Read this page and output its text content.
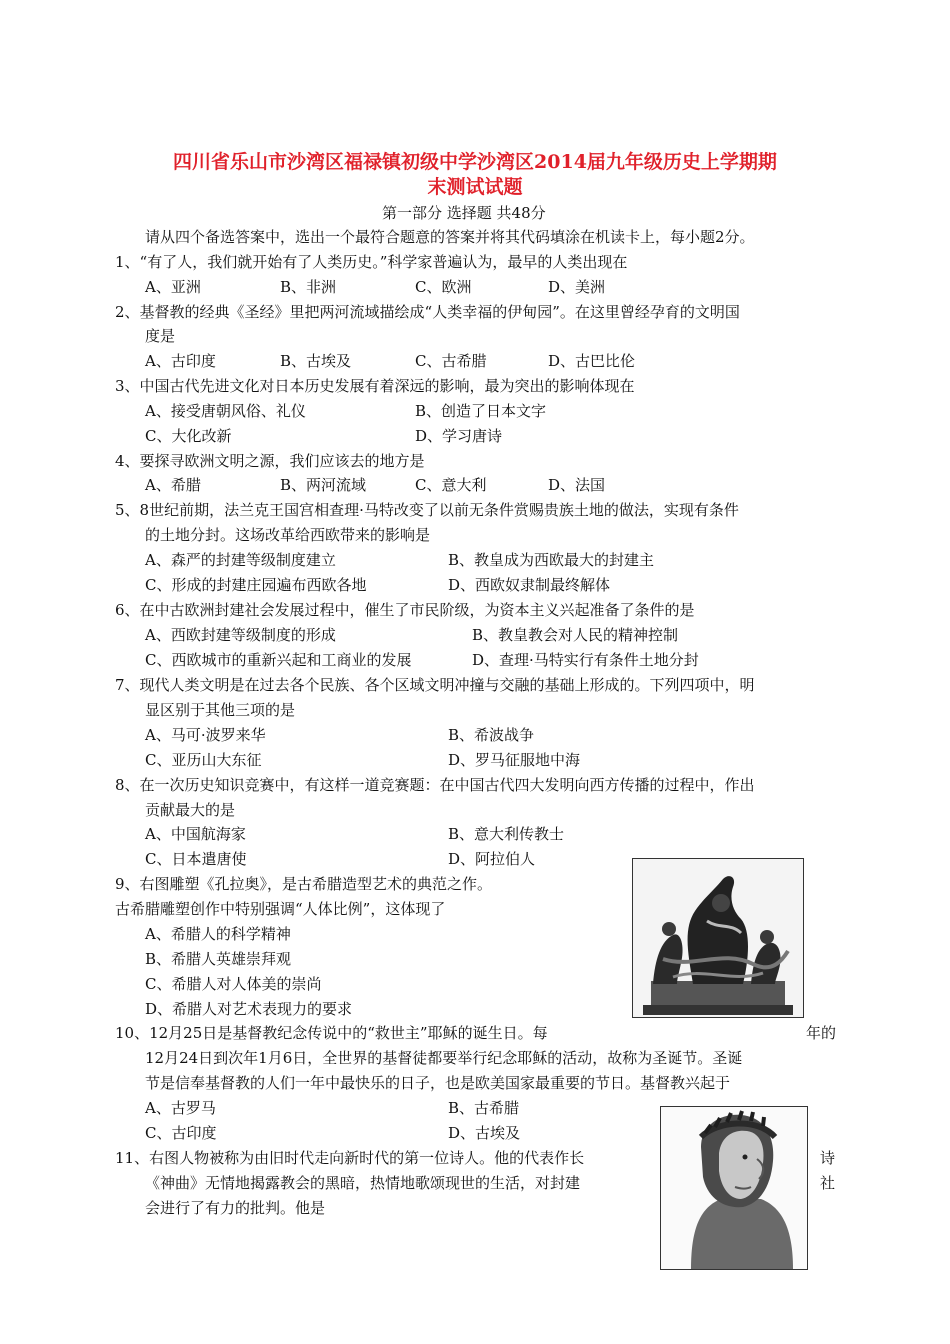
四川省乐山市沙湾区福禄镇初级中学沙湾区2014届九年级历史上学期期
末测试试题
第一部分 选择题 共48分
请从四个备选答案中，选出一个最符合题意的答案并将其代码填涂在机读卡上，每小题2分。
1、“有了人，我们就开始有了人类历史。”科学家普遍认为，最早的人类出现在
A、亚洲	B、非洲	C、欧洲	D、美洲
2、基督教的经典《圣经》里把两河流域描绘成“人类幸福的伊甸园”。在这里曾经孕育的文明国
度是
A、古印度	B、古埃及	C、古希腊	D、古巴比伦
3、中国古代先进文化对日本历史发展有着深远的影响，最为突出的影响体现在
A、接受唐朝风俗、礼仪	B、创造了日本文字
C、大化改新	D、学习唐诗
4、要探寻欧洲文明之源，我们应该去的地方是
A、希腊	B、两河流域	C、意大利	D、法国
5、8世纪前期，法兰克王国宫相查理·马特改变了以前无条件赏赐贵族土地的做法，实现有条件
的土地分封。这场改革给西欧带来的影响是
A、森严的封建等级制度建立	B、教皇成为西欧最大的封建主
C、形成的封建庄园遍布西欧各地	D、西欧奴隶制最终解体
6、在中古欧洲封建社会发展过程中，催生了市民阶级，为资本主义兴起准备了条件的是
A、西欧封建等级制度的形成	B、教皇教会对人民的精神控制
C、西欧城市的重新兴起和工商业的发展	D、查理·马特实行有条件土地分封
7、现代人类文明是在过去各个民族、各个区域文明冲撞与交融的基础上形成的。下列四项中，明
显区别于其他三项的是
A、马可·波罗来华	B、希波战争
C、亚历山大东征	D、罗马征服地中海
8、在一次历史知识竞赛中，有这样一道竞赛题：在中国古代四大发明向西方传播的过程中，作出
贡献最大的是
A、中国航海家	B、意大利传教士
C、日本遣唐使	D、阿拉伯人
9、右图雕塑《孔拉奥》，是古希腊造型艺术的典范之作。
古希腊雕塑创作中特别强调“人体比例”，这体现了
A、希腊人的科学精神
B、希腊人英雄崇拜观
C、希腊人对人体美的崇尚
D、希腊人对艺术表现力的要求
10、12月25日是基督教纪念传说中的“救世主”耶稣的诞生日。每	年的
12月24日到次年1月6日，全世界的基督徒都要举行纪念耶稣的活动，故称为圣诞节。圣诞
节是信奉基督教的人们一年中最快乐的日子，也是欧美国家最重要的节日。基督教兴起于
A、古罗马	B、古希腊
C、古印度	D、古埃及
11、右图人物被称为由旧时代走向新时代的第一位诗人。他的代表作长	诗
《神曲》无情地揭露教会的黑暗，热情地歌颂现世的生活，对封建	社
会进行了有力的批判。他是
